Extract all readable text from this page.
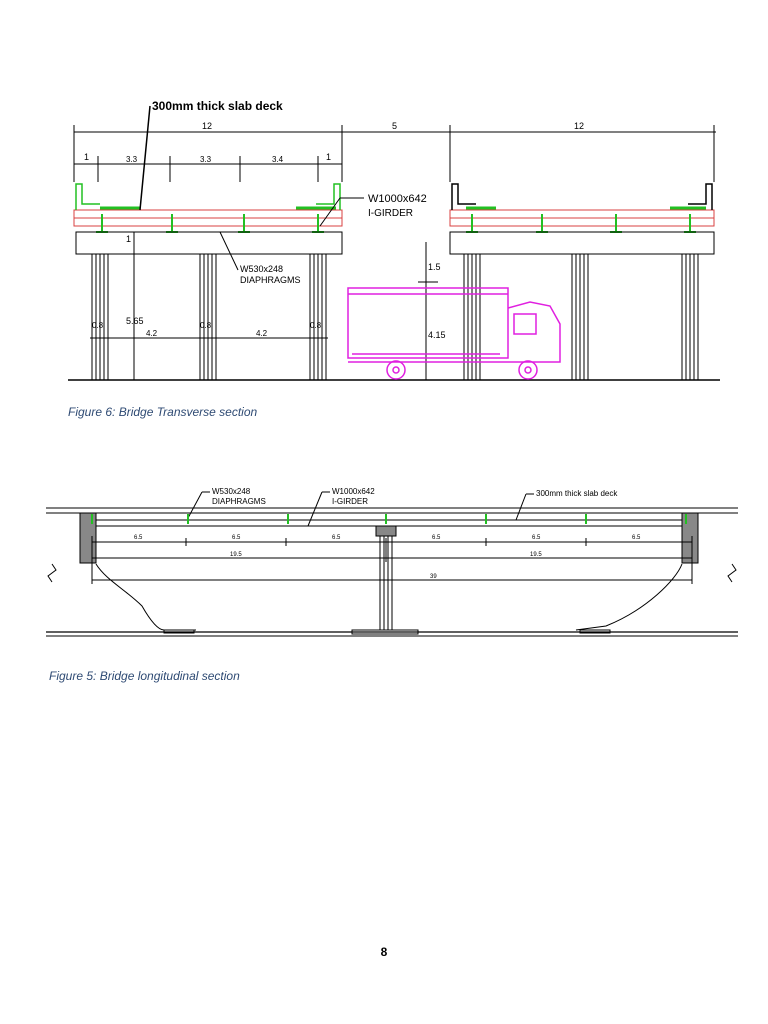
300mm thick slab deck
W1000x642
I-GIRDER
W530x248
DIAPHRAGMS
12	5	12
1	3.3	3.3	3.4	1
1
5.65
1.5
4.15
0.8
4.2
0.8
4.2
0.8
Figure 6: Bridge Transverse section
W530x248
DIAPHRAGMS
W1000x642
I-GIRDER
300mm thick slab deck
6.5	6.5	6.5	6.5	6.5	6.5
19.5	19.5
39
Figure 5: Bridge longitudinal section
8
